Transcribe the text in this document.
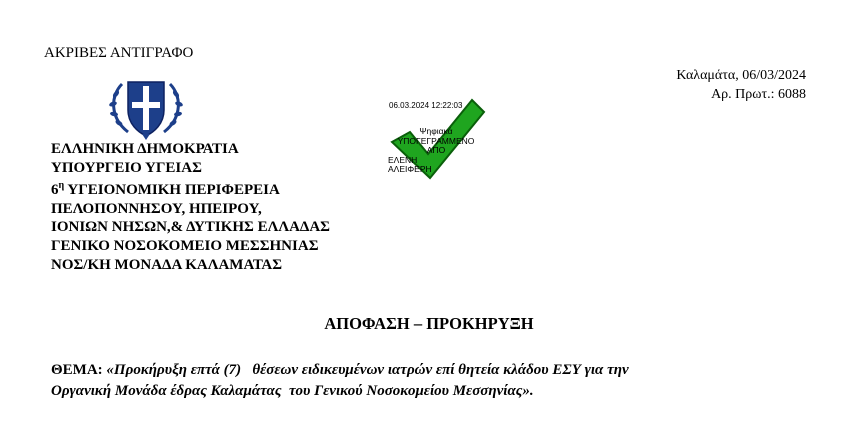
ΑΚΡΙΒΕΣ ΑΝΤΙΓΡΑΦΟ
Καλαμάτα, 06/03/2024
Αρ. Πρωτ.: 6088
ΕΛΛΗΝΙΚΗ ΔΗΜΟΚΡΑΤΙΑ
ΥΠΟΥΡΓΕΙΟ ΥΓΕΙΑΣ
$6^\eta$ ΥΓΕΙΟΝΟΜΙΚΗ ΠΕΡΙΦΕΡΕΙΑ
ΠΕΛΟΠΟΝΝΗΣΟΥ, ΗΠΕΙΡΟΥ,
ΙΟΝΙΩΝ ΝΗΣΩΝ,& ΔΥΤΙΚΗΣ ΕΛΛΑΔΑΣ
ΓΕΝΙΚΟ ΝΟΣΟΚΟΜΕΙΟ ΜΕΣΣΗΝΙΑΣ
ΝΟΣ/ΚΗ ΜΟΝΑΔΑ ΚΑΛΑΜΑΤΑΣ
06.03.2024 12:22:03
Ψηφιακά
ΥΠΟΓΕΓΡΑΜΜΕΝΟ
ΑΠΟ
ΕΛΕΝΗ
ΑΛΕΙΦΕΡΗ
ΑΠΟΦΑΣΗ – ΠΡΟΚΗΡΥΞΗ
ΘΕΜΑ: «Προκήρυξη επτά (7)   θέσεων ειδικευμένων ιατρών επί θητεία κλάδου ΕΣΥ για την
Οργανική Μονάδα έδρας Καλαμάτας  του Γενικού Νοσοκομείου Μεσσηνίας».
